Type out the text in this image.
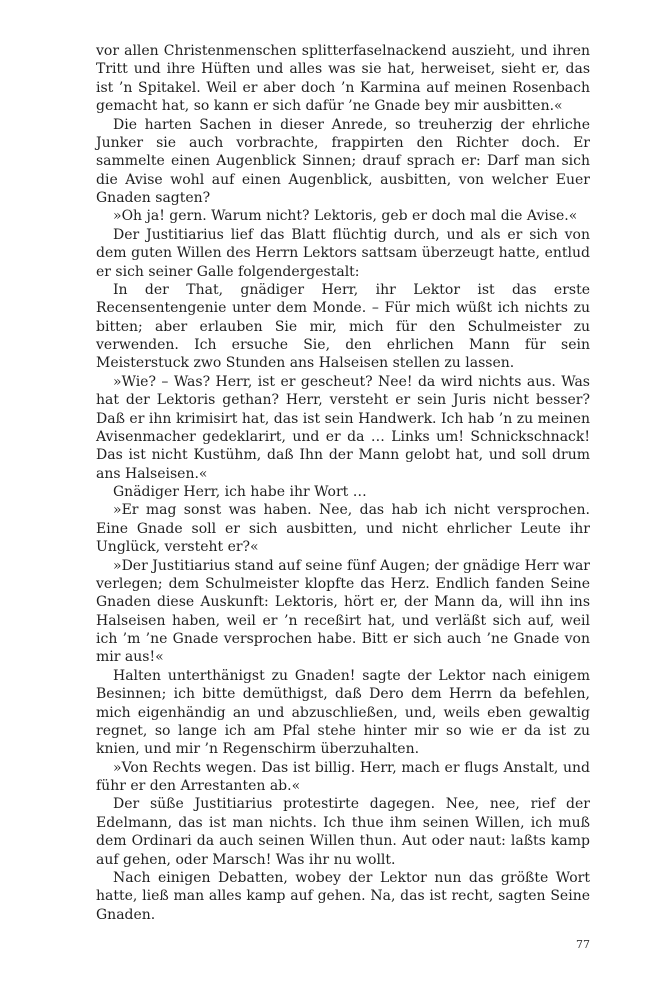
vor allen Christenmenschen splitterfaselnackend auszieht, und ihren Tritt und ihre Hüften und alles was sie hat, herweiset, sieht er, das ist ’n Spitakel. Weil er aber doch ’n Karmina auf meinen Rosenbach gemacht hat, so kann er sich dafür ’ne Gnade bey mir ausbitten.«

Die harten Sachen in dieser Anrede, so treuherzig der ehrliche Junker sie auch vorbrachte, frappirten den Richter doch. Er sammelte einen Augenblick Sinnen; drauf sprach er: Darf man sich die Avise wohl auf einen Augenblick, ausbitten, von welcher Euer Gnaden sagten?

»Oh ja! gern. Warum nicht? Lektoris, geb er doch mal die Avise.«

Der Justitiarius lief das Blatt flüchtig durch, und als er sich von dem guten Willen des Herrn Lektors sattsam überzeugt hatte, entlud er sich seiner Galle folgendergestalt:

In der That, gnädiger Herr, ihr Lektor ist das erste Recensentengenie unter dem Monde. – Für mich wüßt ich nichts zu bitten; aber erlauben Sie mir, mich für den Schulmeister zu verwenden. Ich ersuche Sie, den ehrlichen Mann für sein Meisterstuck zwo Stunden ans Halseisen stellen zu lassen.

»Wie? – Was? Herr, ist er gescheut? Nee! da wird nichts aus. Was hat der Lektoris gethan? Herr, versteht er sein Juris nicht besser? Daß er ihn krimisirt hat, das ist sein Handwerk. Ich hab ’n zu meinen Avisenmacher gedeklarirt, und er da … Links um! Schnickschnack! Das ist nicht Kustühm, daß Ihn der Mann gelobt hat, und soll drum ans Halseisen.«

Gnädiger Herr, ich habe ihr Wort …

»Er mag sonst was haben. Nee, das hab ich nicht versprochen. Eine Gnade soll er sich ausbitten, und nicht ehrlicher Leute ihr Unglück, versteht er?«

»Der Justitiarius stand auf seine fünf Augen; der gnädige Herr war verlegen; dem Schulmeister klopfte das Herz. Endlich fanden Seine Gnaden diese Auskunft: Lektoris, hört er, der Mann da, will ihn ins Halseisen haben, weil er ’n receßirt hat, und verläßt sich auf, weil ich ’m ’ne Gnade versprochen habe. Bitt er sich auch ’ne Gnade von mir aus!«

Halten unterthänigst zu Gnaden! sagte der Lektor nach einigem Besinnen; ich bitte demüthigst, daß Dero dem Herrn da befehlen, mich eigenhändig an und abzuschließen, und, weils eben gewaltig regnet, so lange ich am Pfal stehe hinter mir so wie er da ist zu knien, und mir ’n Regenschirm überzuhalten.

»Von Rechts wegen. Das ist billig. Herr, mach er flugs Anstalt, und führ er den Arrestanten ab.«

Der süße Justitiarius protestirte dagegen. Nee, nee, rief der Edelmann, das ist man nichts. Ich thue ihm seinen Willen, ich muß dem Ordinari da auch seinen Willen thun. Aut oder naut: laßts kamp auf gehen, oder Marsch! Was ihr nu wollt.

Nach einigen Debatten, wobey der Lektor nun das größte Wort hatte, ließ man alles kamp auf gehen. Na, das ist recht, sagten Seine Gnaden.

77
